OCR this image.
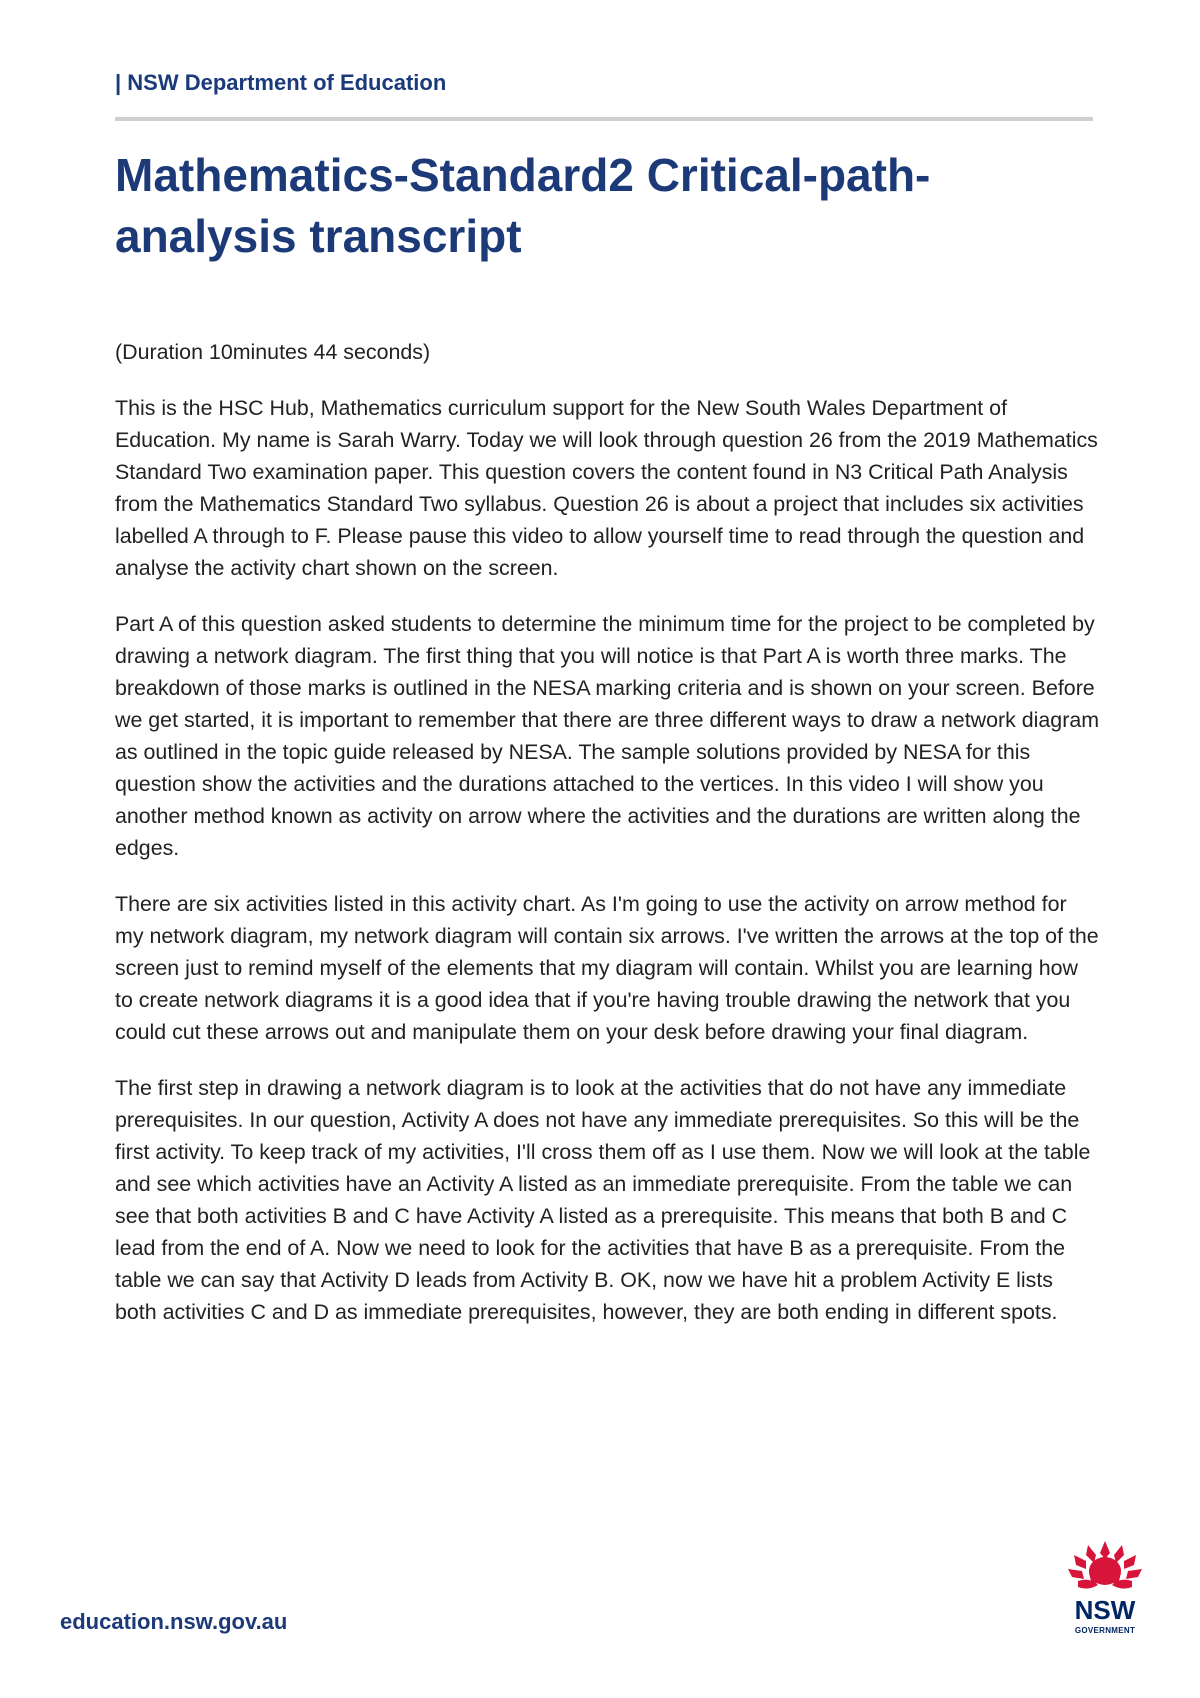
| NSW Department of Education
Mathematics-Standard2 Critical-path-analysis transcript

(Duration 10minutes 44 seconds)

This is the HSC Hub, Mathematics curriculum support for the New South Wales Department of Education. My name is Sarah Warry. Today we will look through question 26 from the 2019 Mathematics Standard Two examination paper. This question covers the content found in N3 Critical Path Analysis from the Mathematics Standard Two syllabus. Question 26 is about a project that includes six activities labelled A through to F. Please pause this video to allow yourself time to read through the question and analyse the activity chart shown on the screen.

Part A of this question asked students to determine the minimum time for the project to be completed by drawing a network diagram. The first thing that you will notice is that Part A is worth three marks. The breakdown of those marks is outlined in the NESA marking criteria and is shown on your screen. Before we get started, it is important to remember that there are three different ways to draw a network diagram as outlined in the topic guide released by NESA. The sample solutions provided by NESA for this question show the activities and the durations attached to the vertices. In this video I will show you another method known as activity on arrow where the activities and the durations are written along the edges.

There are six activities listed in this activity chart. As I'm going to use the activity on arrow method for my network diagram, my network diagram will contain six arrows. I've written the arrows at the top of the screen just to remind myself of the elements that my diagram will contain. Whilst you are learning how to create network diagrams it is a good idea that if you're having trouble drawing the network that you could cut these arrows out and manipulate them on your desk before drawing your final diagram.

The first step in drawing a network diagram is to look at the activities that do not have any immediate prerequisites. In our question, Activity A does not have any immediate prerequisites. So this will be the first activity. To keep track of my activities, I'll cross them off as I use them. Now we will look at the table and see which activities have an Activity A listed as an immediate prerequisite. From the table we can see that both activities B and C have Activity A listed as a prerequisite. This means that both B and C lead from the end of A. Now we need to look for the activities that have B as a prerequisite. From the table we can say that Activity D leads from Activity B. OK, now we have hit a problem Activity E lists both activities C and D as immediate prerequisites, however, they are both ending in different spots.

education.nsw.gov.au	NSW
GOVERNMENT
